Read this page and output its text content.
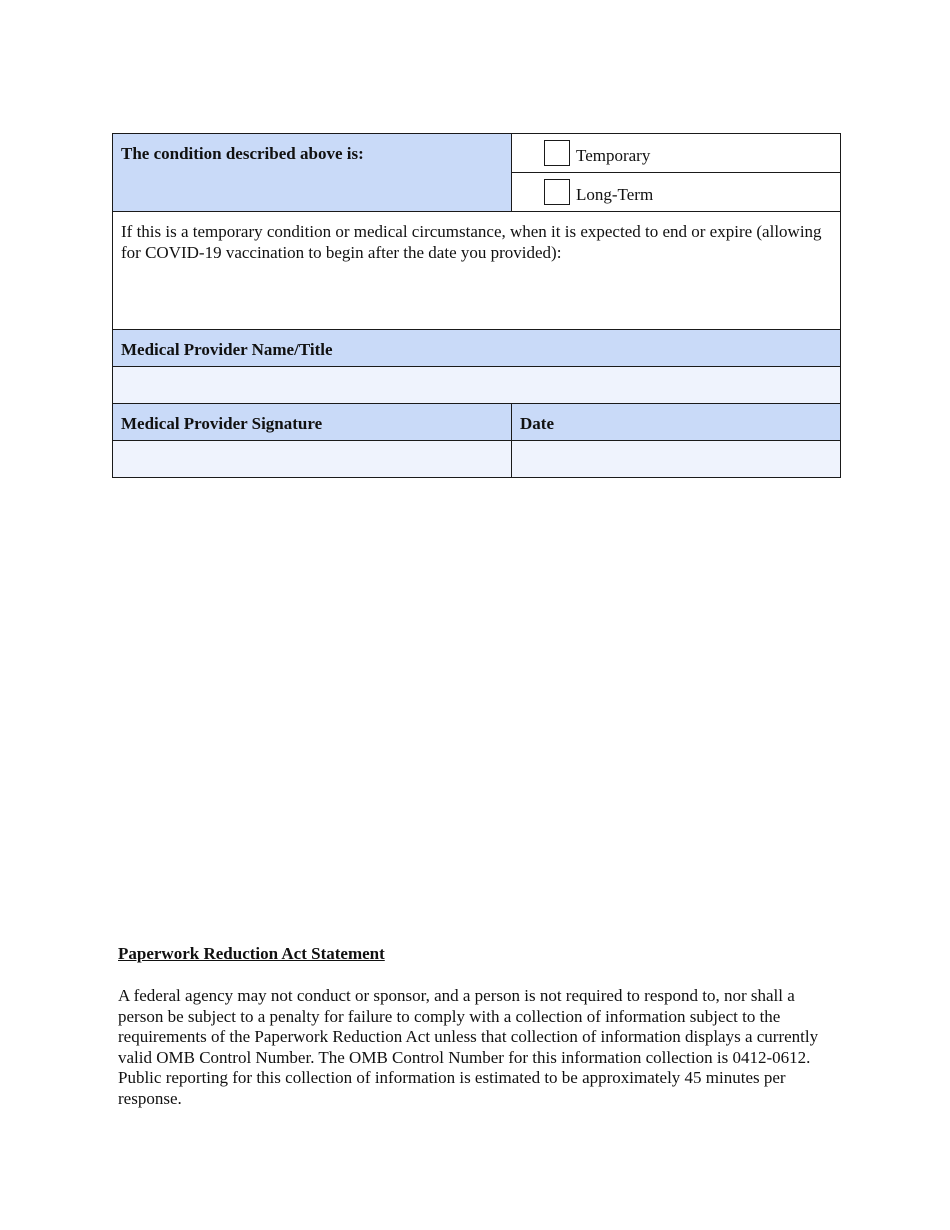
The condition described above is:	Temporary

	Long-Term

If this is a temporary condition or medical circumstance, when it is expected to end or expire (allowing for COVID-19 vaccination to begin after the date you provided):	

Medical Provider Name/Title	

Medical Provider Signature	Date

Paperwork Reduction Act Statement
A federal agency may not conduct or sponsor, and a person is not required to respond to, nor shall a person be subject to a penalty for failure to comply with a collection of information subject to the requirements of the Paperwork Reduction Act unless that collection of information displays a currently valid OMB Control Number. The OMB Control Number for this information collection is 0412-0612. Public reporting for this collection of information is estimated to be approximately 45 minutes per response.
